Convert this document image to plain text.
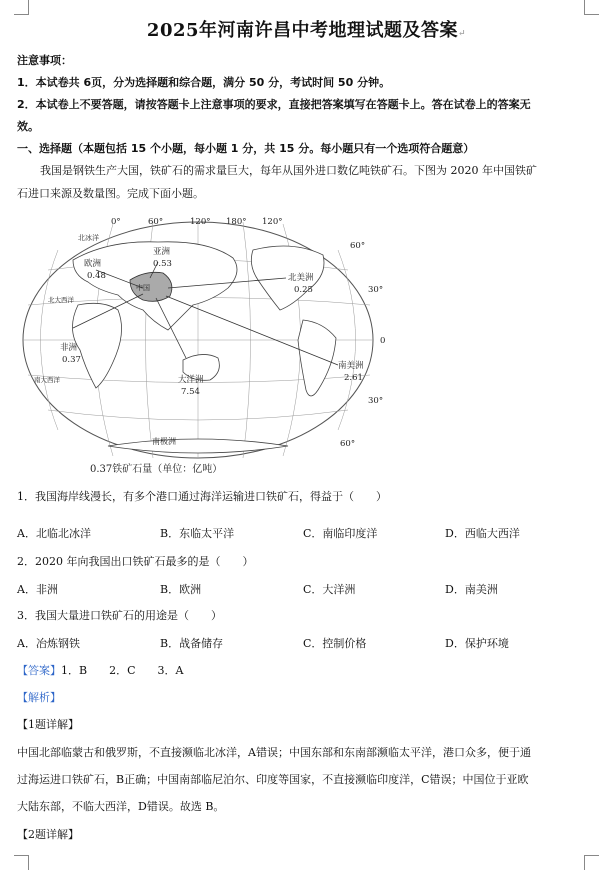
2025年河南许昌中考地理试题及答案↵
注意事项：
1．本试卷共 6页，分为选择题和综合题，满分 50 分，考试时间 50 分钟。
2．本试卷上不要答题，请按答题卡上注意事项的要求，直接把答案填写在答题卡上。答在试卷上的答案无
效。
一、选择题（本题包括 15 个小题，每小题 1 分，共 15 分。每小题只有一个选项符合题意）
我国是钢铁生产大国，铁矿石的需求量巨大，每年从国外进口数亿吨铁矿石。下图为 2020 年中国铁矿
石进口来源及数量图。完成下面小题。
0°	60°	120° 180° 120°
60°
30°
0
30°
60°
北冰洋
北大西洋
南大西洋
南极洲
中国
欧洲
0.48
亚洲
0.53
北美洲
0.25
非洲
0.37
大洋洲
7.54
南美洲
2.61
0.37铁矿石量（单位：亿吨）
1．我国海岸线漫长，有多个港口通过海洋运输进口铁矿石，得益于（　　）
A．北临北冰洋	B．东临太平洋	C．南临印度洋	D．西临大西洋
2．2020 年向我国出口铁矿石最多的是（　　）
A．非洲	B．欧洲	C．大洋洲	D．南美洲
3．我国大量进口铁矿石的用途是（　　）
A．冶炼钢铁	B．战备储存	C．控制价格	D．保护环境
【答案】1．B　　2．C　　3．A
【解析】
【1题详解】
中国北部临蒙古和俄罗斯，不直接濒临北冰洋，A错误；中国东部和东南部濒临太平洋，港口众多，便于通
过海运进口铁矿石，B正确；中国南部临尼泊尔、印度等国家，不直接濒临印度洋，C错误；中国位于亚欧
大陆东部，不临大西洋，D错误。故选 B。
【2题详解】
